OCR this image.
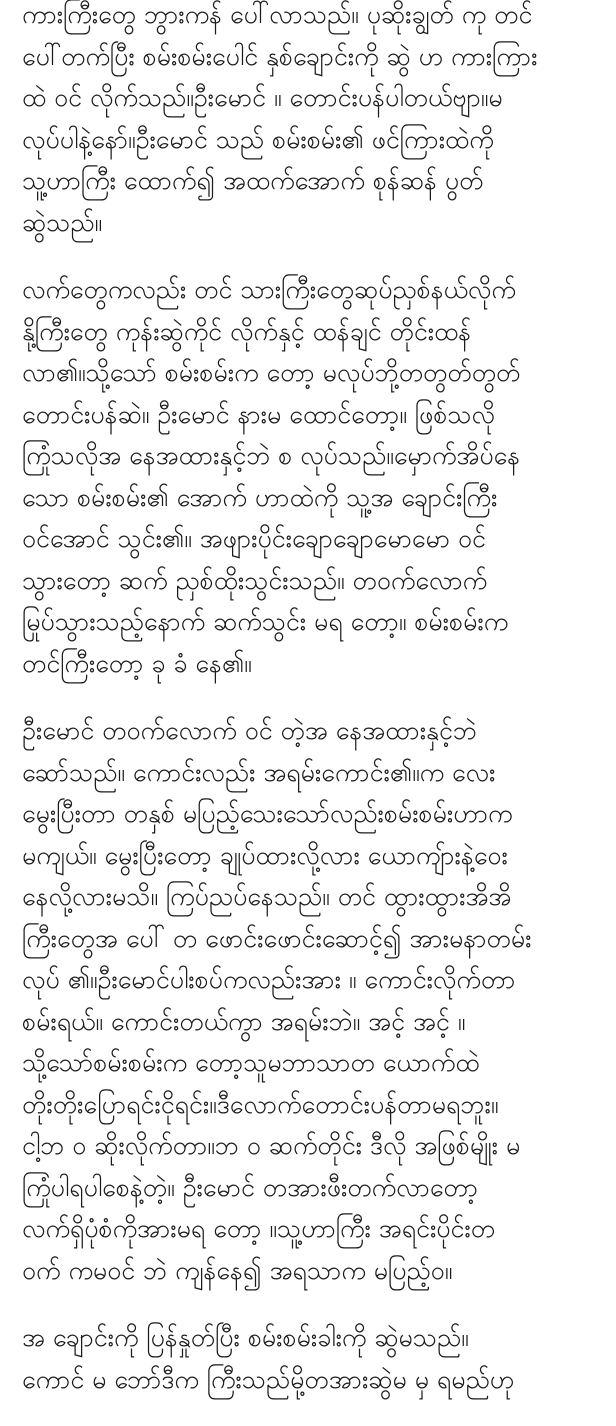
ကားကြီးတွေ ဘွားကန် ပေါ်လာသည်။ ပုဆိုးချွတ် ကု တင်
ပေါ်တက်ပြီး စမ်းစမ်းပေါင် နှစ်ချောင်းကို ဆွဲ ဟ ကားကြား
ထဲ ဝင် လိုက်သည်။ဦးမောင် ။ တောင်းပန်ပါတယ်ဗျာ။မ
လုပ်ပါနဲ့နော်။ဦးမောင် သည် စမ်းစမ်း၏ ဖင်ကြားထဲကို
သူ့ဟာကြီး ထောက်၍ အထက်အောက် စုန်ဆန် ပွတ်
ဆွဲသည်။
လက်တွေကလည်း တင် သားကြီးတွေဆုပ်ညှစ်နယ်လိုက်
နို့ကြီးတွေ ကုန်းဆွဲကိုင် လိုက်နှင့် ထန်ချင် တိုင်းထန်
လာ၏။သို့သော် စမ်းစမ်းက တော့ မလုပ်ဘို့တတွတ်တွတ်
တောင်းပန်ဆဲ။ ဦးမောင် နားမ ထောင်တော့။ ဖြစ်သလို
ကြုံသလိုအ နေအထားနှင့်ဘဲ စ လုပ်သည်။မှောက်အိပ်နေ
သော စမ်းစမ်း၏ အောက် ဟာထဲကို သူ့အ ချောင်းကြီး
ဝင်အောင် သွင်း၏။ အဖျားပိုင်းချောချောမောမော ဝင်
သွားတော့ ဆက် ညှစ်ထိုးသွင်းသည်။ တဝက်လောက်
မြုပ်သွားသည့်နောက် ဆက်သွင်း မရ တော့။ စမ်းစမ်းက
တင်ကြီးတော့ ခု ခံ နေ၏။
ဦးမောင် တဝက်လောက် ဝင် တဲ့အ နေအထားနှင့်ဘဲ
ဆော်သည်။ ကောင်းလည်း အရမ်းကောင်း၏။က လေး
မွေးပြီးတာ တနှစ် မပြည့်သေးသော်လည်းစမ်းစမ်းဟာက
မကျယ်။ မွေးပြီးတော့ ချုပ်ထားလို့လား ယောကျ်ားနဲ့ဝေး
နေလို့လားမသိ။ ကြပ်ညပ်နေသည်။ တင် ထွားထွားအိအိ
ကြီးတွေအ ပေါ် တ ဖောင်းဖောင်းဆောင့်၍ အားမနာတမ်း
လုပ် ၏။ဦးမောင်ပါးစပ်ကလည်းအား ။ ကောင်းလိုက်တာ
စမ်းရယ်။ ကောင်းတယ်ကွာ အရမ်းဘဲ။ အင့် အင့် ။
သို့သော်စမ်းစမ်းက တော့သူမဘာသာတ ယောက်ထဲ
တိုးတိုးပြောရင်းငိုရင်း။ဒီလောက်တောင်းပန်တာမရဘူး။
ငါ့ဘ ဝ ဆိုးလိုက်တာ။ဘ ဝ ဆက်တိုင်း ဒီလို အဖြစ်မျိုး မ
ကြုံပါရပါစေနဲ့တဲ့။ ဦးမောင် တအားဖီးတက်လာတော့
လက်ရှိပုံစံကိုအားမရ တော့ ။သူ့ဟာကြီး အရင်းပိုင်းတ
ဝက် ကမဝင် ဘဲ ကျန်နေ၍ အရသာက မပြည့်ဝ။
အ ချောင်းကို ပြန်နှုတ်ပြီး စမ်းစမ်းခါးကို ဆွဲမသည်။
ကောင် မ ဘော်ဒီက ကြီးသည်မို့တအားဆွဲမ မှ ရမည်ဟု
